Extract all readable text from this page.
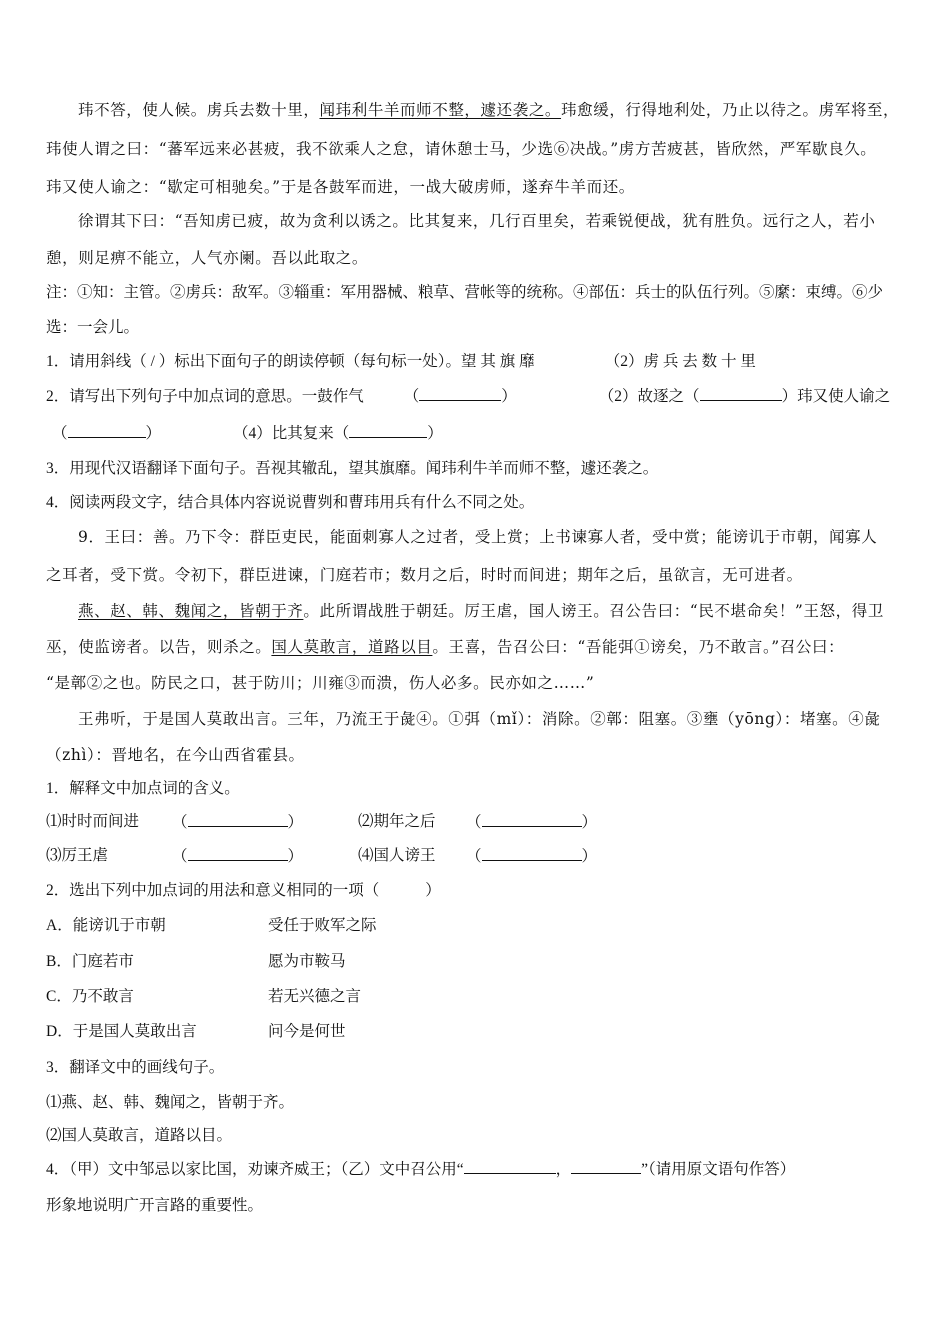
玮不答，使人候。虏兵去数十里，闻玮利牛羊而师不整，遽还袭之。玮愈缓，行得地利处，乃止以待之。虏军将至，
玮使人谓之曰：“蕃军远来必甚疲，我不欲乘人之怠，请休憩士马，少选⑥决战。”虏方苦疲甚，皆欣然，严军歇良久。
玮又使人谕之：“歇定可相驰矣。”于是各鼓军而进，一战大破虏师，遂弃牛羊而还。
徐谓其下曰：“吾知虏已疲，故为贪利以诱之。比其复来，几行百里矣，若乘锐便战，犹有胜负。远行之人，若小
憩，则足痹不能立，人气亦阑。吾以此取之。
注：①知：主管。②虏兵：敌军。③辎重：军用器械、粮草、营帐等的统称。④部伍：兵士的队伍行列。⑤縻：束缚。⑥少
选：一会儿。
1．请用斜线（ / ）标出下面句子的朗读停顿（每句标一处）。望 其 旗 靡	（2）虏 兵 去 数 十 里
2．请写出下列句子中加点词的意思。一鼓作气	（	）	（2）故逐之（	）玮又使人谕之
（	）	（4）比其复来（	）
3．用现代汉语翻译下面句子。吾视其辙乱，望其旗靡。闻玮利牛羊而师不整，遽还袭之。
4．阅读两段文字，结合具体内容说说曹刿和曹玮用兵有什么不同之处。
9．王曰：善。乃下令：群臣吏民，能面刺寡人之过者，受上赏；上书谏寡人者，受中赏；能谤讥于市朝，闻寡人
之耳者，受下赏。令初下，群臣进谏，门庭若市；数月之后，时时而间进；期年之后，虽欲言，无可进者。
燕、赵、韩、魏闻之，皆朝于齐。此所谓战胜于朝廷。厉王虐，国人谤王。召公告曰：“民不堪命矣！”王怒，得卫
巫，使监谤者。以告，则杀之。国人莫敢言，道路以目。王喜，告召公曰：“吾能弭①谤矣，乃不敢言。”召公曰：
“是鄣②之也。防民之口，甚于防川；川雍③而溃，伤人必多。民亦如之……”
王弗听，于是国人莫敢出言。三年，乃流王于彘④。①弭（mǐ）：消除。②鄣：阻塞。③壅（yōng）：堵塞。④彘
（zhì）：晋地名，在今山西省霍县。
1．解释文中加点词的含义。
⑴时时而间进 （	）	⑵期年之后 （	）
⑶厉王虐	（	）	⑷国人谤王 （	）
2．选出下列中加点词的用法和意义相同的一项（	）
A．能谤讥于市朝	受任于败军之际
B．门庭若市	愿为市鞍马
C．乃不敢言	若无兴德之言
D．于是国人莫敢出言	问今是何世
3．翻译文中的画线句子。
⑴燕、赵、韩、魏闻之，皆朝于齐。
⑵国人莫敢言，道路以目。
4．（甲）文中邹忌以家比国，劝谏齐威王；（乙）文中召公用“	，	”（请用原文语句作答）
形象地说明广开言路的重要性。
